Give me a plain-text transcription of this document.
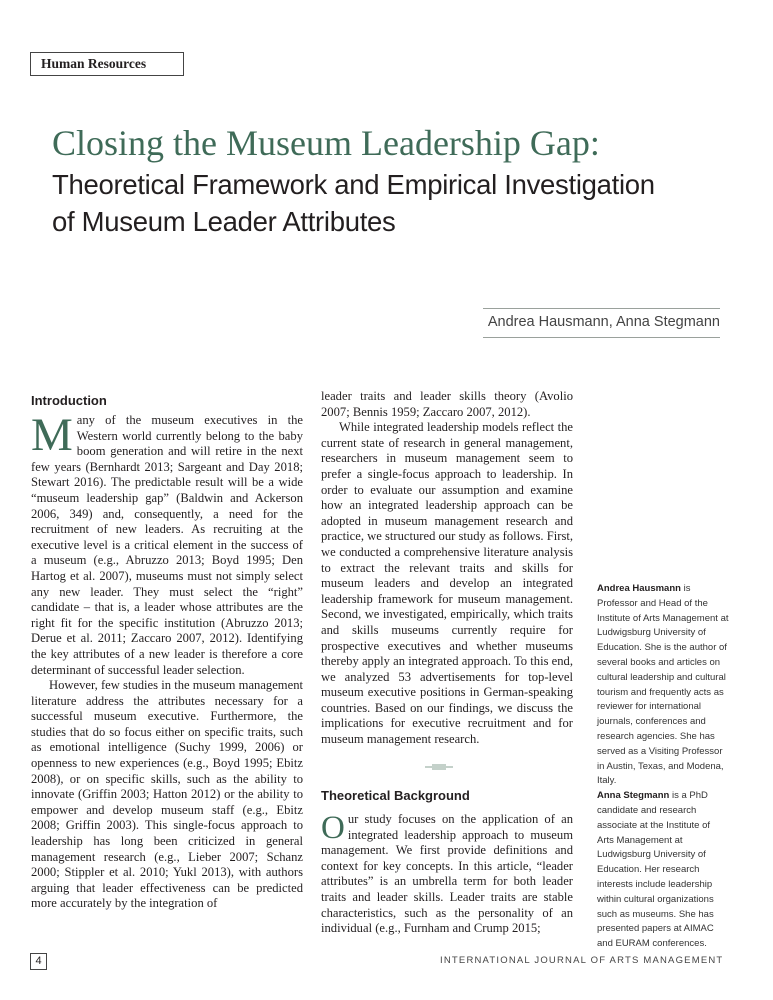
Human Resources
Closing the Museum Leadership Gap:
Theoretical Framework and Empirical Investigation
of Museum Leader Attributes
Andrea Hausmann, Anna Stegmann
Introduction

Many of the museum executives in the Western world currently belong to the baby boom generation and will retire in the next few years (Bernhardt 2013; Sargeant and Day 2018; Stewart 2016). The predictable result will be a wide “museum leadership gap” (Baldwin and Ackerson 2006, 349) and, consequently, a need for the recruitment of new leaders. As recruiting at the executive level is a critical element in the success of a museum (e.g., Abruzzo 2013; Boyd 1995; Den Hartog et al. 2007), museums must not simply select any new leader. They must select the “right” candidate – that is, a leader whose attributes are the right fit for the specific institution (Abruzzo 2013; Derue et al. 2011; Zaccaro 2007, 2012). Identifying the key attributes of a new leader is therefore a core determinant of successful leader selection.

However, few studies in the museum management literature address the attributes necessary for a successful museum executive. Furthermore, the studies that do so focus either on specific traits, such as emotional intelligence (Suchy 1999, 2006) or openness to new experiences (e.g., Boyd 1995; Ebitz 2008), or on specific skills, such as the ability to innovate (Griffin 2003; Hatton 2012) or the ability to empower and develop museum staff (e.g., Ebitz 2008; Griffin 2003). This single-focus approach to leadership has long been criticized in general management research (e.g., Lieber 2007; Schanz 2000; Stippler et al. 2010; Yukl 2013), with authors arguing that leader effectiveness can be predicted more accurately by the integration of

leader traits and leader skills theory (Avolio 2007; Bennis 1959; Zaccaro 2007, 2012).

While integrated leadership models reflect the current state of research in general management, researchers in museum management seem to prefer a single-focus approach to leadership. In order to evaluate our assumption and examine how an integrated leadership approach can be adopted in museum management research and practice, we structured our study as follows. First, we conducted a comprehensive literature analysis to extract the relevant traits and skills for museum leaders and develop an integrated leadership framework for museum management. Second, we investigated, empirically, which traits and skills museums currently require for prospective executives and whether museums thereby apply an integrated approach. To this end, we analyzed 53 advertisements for top-level museum executive positions in German-speaking countries. Based on our findings, we discuss the implications for executive recruitment and for museum management research.

Theoretical Background

Our study focuses on the application of an integrated leadership approach to museum management. We first provide definitions and context for key concepts. In this article, “leader attributes” is an umbrella term for both leader traits and leader skills. Leader traits are stable characteristics, such as the personality of an individual (e.g., Furnham and Crump 2015;

Andrea Hausmann is Professor and Head of the Institute of Arts Management at Ludwigsburg University of Education. She is the author of several books and articles on cultural leadership and cultural tourism and frequently acts as reviewer for international journals, conferences and research agencies. She has served as a Visiting Professor in Austin, Texas, and Modena, Italy.

Anna Stegmann is a PhD candidate and research associate at the Institute of Arts Management at Ludwigsburg University of Education. Her research interests include leadership within cultural organizations such as museums. She has presented papers at AIMAC and EURAM conferences.

4	INTERNATIONAL JOURNAL OF ARTS MANAGEMENT
